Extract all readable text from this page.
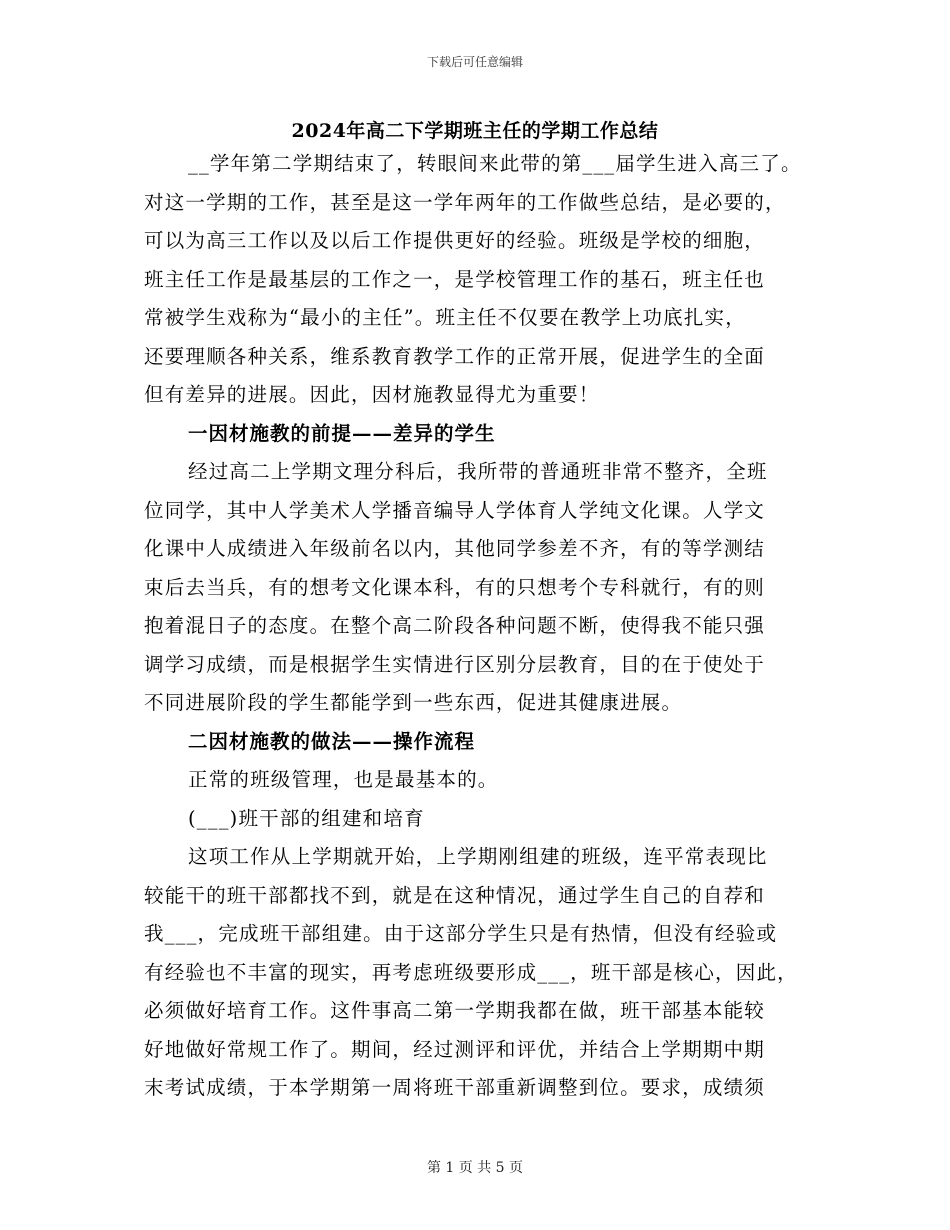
下载后可任意编辑
2024年高二下学期班主任的学期工作总结
__学年第二学期结束了，转眼间来此带的第___届学生进入高三了。
对这一学期的工作，甚至是这一学年两年的工作做些总结，是必要的，
可以为高三工作以及以后工作提供更好的经验。班级是学校的细胞，
班主任工作是最基层的工作之一，是学校管理工作的基石，班主任也
常被学生戏称为“最小的主任”。班主任不仅要在教学上功底扎实，
还要理顺各种关系，维系教育教学工作的正常开展，促进学生的全面
但有差异的进展。因此，因材施教显得尤为重要！
一因材施教的前提——差异的学生
经过高二上学期文理分科后，我所带的普通班非常不整齐，全班
位同学，其中人学美术人学播音编导人学体育人学纯文化课。人学文
化课中人成绩进入年级前名以内，其他同学参差不齐，有的等学测结
束后去当兵，有的想考文化课本科，有的只想考个专科就行，有的则
抱着混日子的态度。在整个高二阶段各种问题不断，使得我不能只强
调学习成绩，而是根据学生实情进行区别分层教育，目的在于使处于
不同进展阶段的学生都能学到一些东西，促进其健康进展。
二因材施教的做法——操作流程
正常的班级管理，也是最基本的。
(___)班干部的组建和培育
这项工作从上学期就开始，上学期刚组建的班级，连平常表现比
较能干的班干部都找不到，就是在这种情况，通过学生自己的自荐和
我___，完成班干部组建。由于这部分学生只是有热情，但没有经验或
有经验也不丰富的现实，再考虑班级要形成___，班干部是核心，因此，
必须做好培育工作。这件事高二第一学期我都在做，班干部基本能较
好地做好常规工作了。期间，经过测评和评优，并结合上学期期中期
末考试成绩，于本学期第一周将班干部重新调整到位。要求，成绩须
第 1 页 共 5 页
